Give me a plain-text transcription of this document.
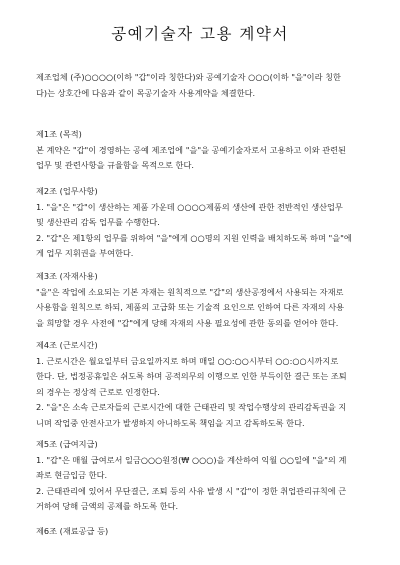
공예기술자 고용 계약서
제조업체 (주)○○○○(이하 "갑"이라 칭한다)와 공예기술자 ○○○(이하 "을"이라 칭한
다)는 상호간에 다음과 같이 목공기술자 사용계약을 체결한다.
제1조 (목적)
본 계약은 "갑"이 경영하는 공예 제조업에 "을"을 공예기술자로서 고용하고 이와 관련된
업무 및 관련사항을 규율함을 목적으로 한다.
제2조 (업무사항)
1. "을"은 "갑"이 생산하는 제품 가운데 ○○○○제품의 생산에 관한 전반적인 생산업무
및 생산관리 감독 업무를 수행한다.
2. "갑"은 제1항의 업무를 위하여 "을"에게 ○○명의 지원 인력을 배치하도록 하며 "을"에
게 업무 지휘권을 부여한다.
제3조 (자재사용)
"을"은 작업에 소요되는 기본 자재는 원칙적으로 "갑"의 생산공정에서 사용되는 자재로
사용함을 원칙으로 하되, 제품의 고급화 또는 기술적 요인으로 인하여 다른 자재의 사용
을 희망할 경우 사전에 "갑"에게 당해 자재의 사용 필요성에 관한 동의를 얻어야 한다.
제4조 (근로시간)
1. 근로시간은 월요일부터 금요일까지로 하며 매일 ○○:○○시부터 ○○:○○시까지로
한다. 단, 법정공휴일은 쉬도록 하며 공적의무의 이행으로 인한 부득이한 결근 또는 조퇴
의 경우는 정상적 근로로 인정한다.
2. "을"은 소속 근로자들의 근로시간에 대한 근태관리 및 작업수행상의 관리감독권을 지
니며 작업중 안전사고가 발생하지 아니하도록 책임을 지고 감독하도록 한다.
제5조 (급여지급)
1. "갑"은 매월 급여로서 일금○○○원정(₩ ○○○)을 계산하여 익월 ○○일에 "을"의 계
좌로 현금입금 한다.
2. 근태관리에 있어서 무단결근, 조퇴 등의 사유 발생 시 "갑"이 정한 취업관리규칙에 근
거하여 당해 금액의 공제를 하도록 한다.
제6조 (재료공급 등)
